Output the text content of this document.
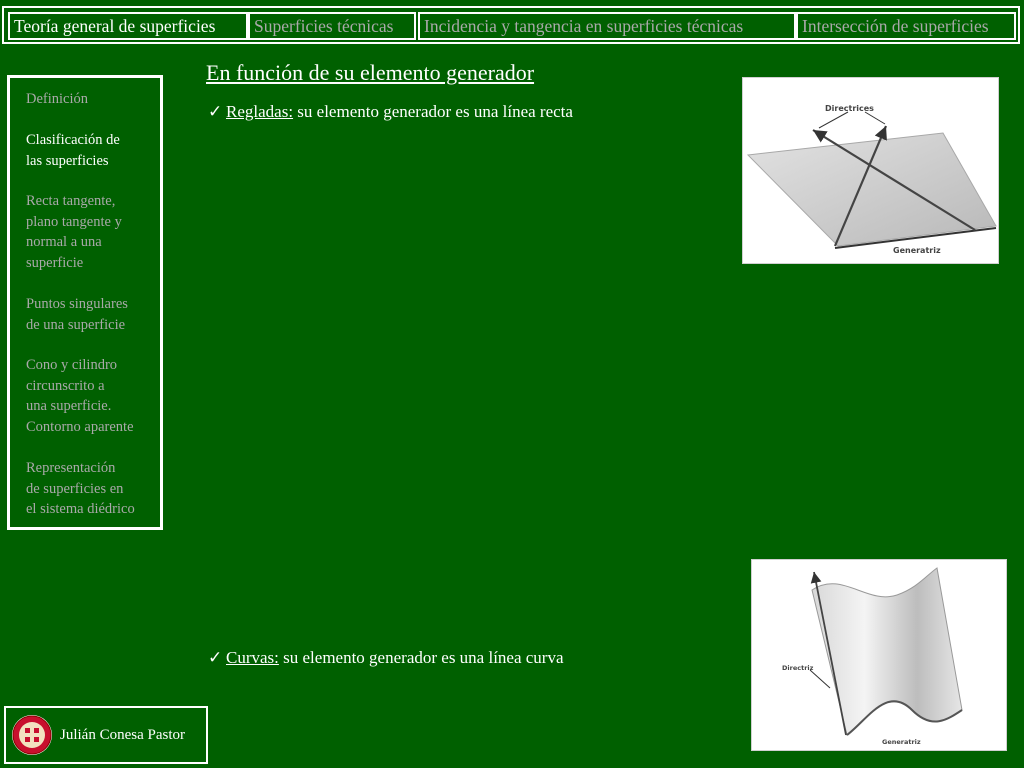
Teoría general de superficies	Superficies técnicas	Incidencia y tangencia en superficies técnicas	Intersección de superficies
Definición
Clasificación de
las superficies
Recta tangente,
plano tangente y
normal a una
superficie
Puntos singulares
de una superficie
Cono y cilindro
circunscrito a
una superficie.
Contorno aparente
Representación
de superficies en
el sistema diédrico
En función de su elemento generador
✓ Regladas: su elemento generador es una línea recta
✓ Curvas: su elemento generador es una línea curva
Directrices
Generatriz
Directriz
Generatriz
Julián Conesa Pastor
